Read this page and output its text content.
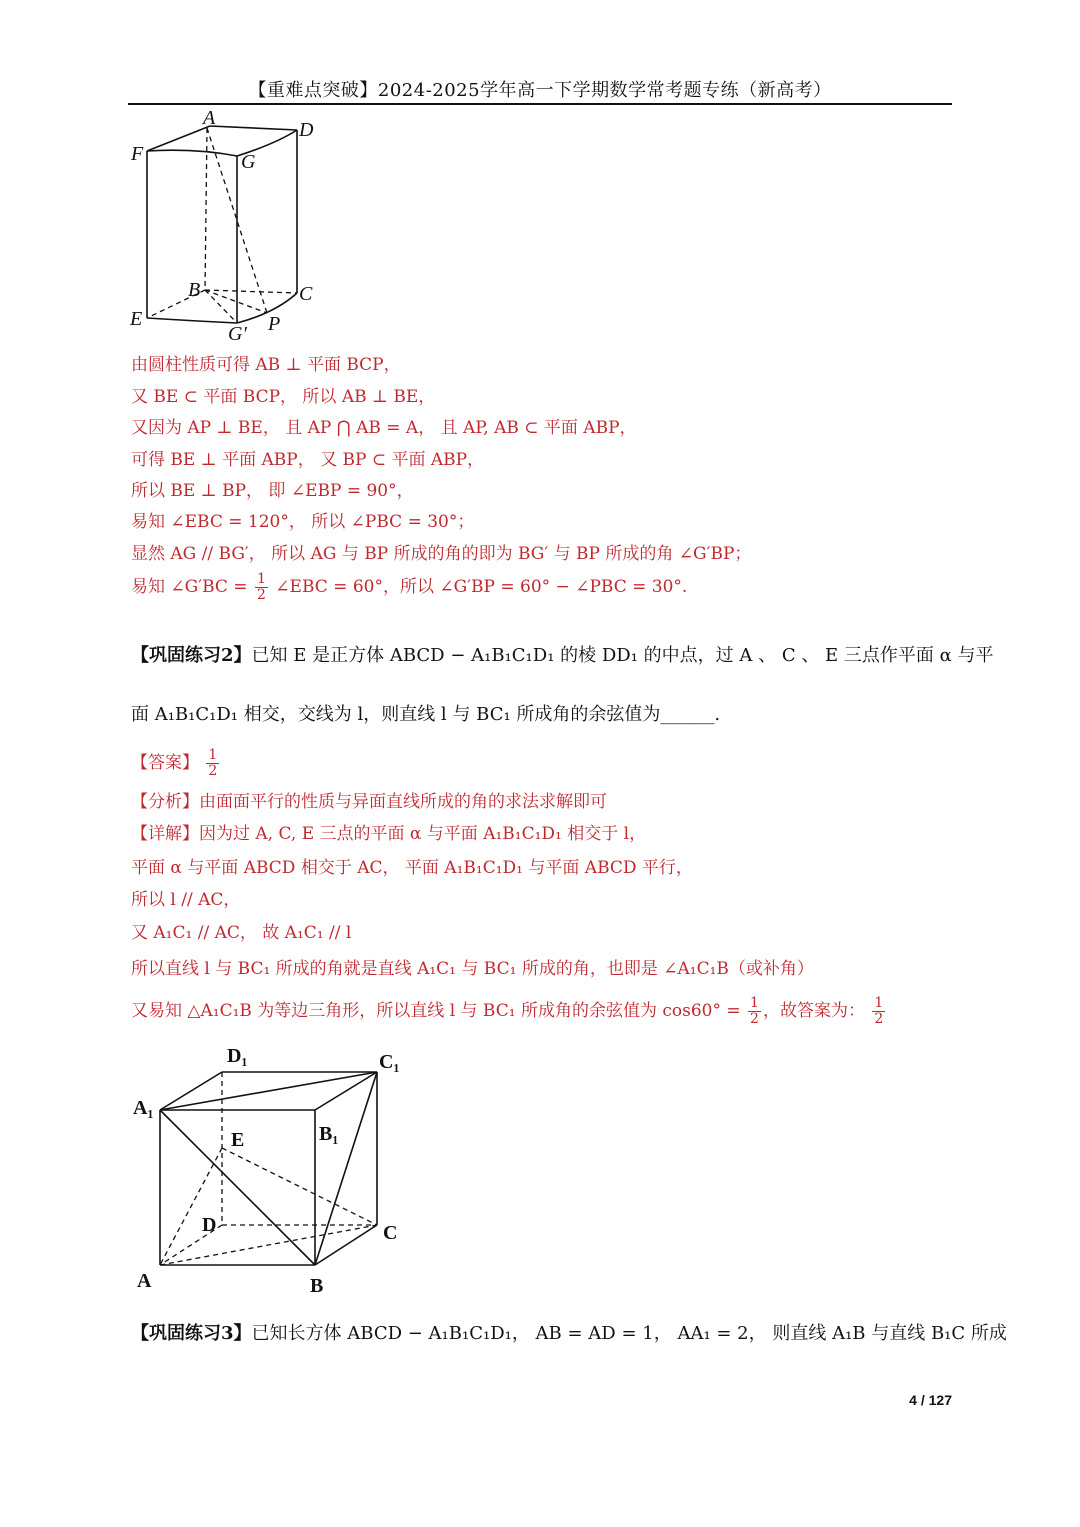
【重难点突破】2024-2025学年高一下学期数学常考题专练（新高考）
A
D
F	G
B	C
E
G′ P
由圆柱性质可得 AB ⊥ 平面 BCP，
又 BE ⊂ 平面 BCP， 所以 AB ⊥ BE，
又因为 AP ⊥ BE， 且 AP ⋂ AB = A， 且 AP, AB ⊂ 平面 ABP，
可得 BE ⊥ 平面 ABP， 又 BP ⊂ 平面 ABP，
所以 BE ⊥ BP， 即 ∠EBP = 90°，
易知 ∠EBC = 120°， 所以 ∠PBC = 30°；
显然 AG // BG′， 所以 AG 与 BP 所成的角的即为 BG′ 与 BP 所成的角 ∠G′BP；
易知 ∠G′BC = $\frac{1}{2}$ ∠EBC = 60°，所以 ∠G′BP = 60° − ∠PBC = 30°.
【巩固练习2】已知 E 是正方体 ABCD − A₁B₁C₁D₁ 的棱 DD₁ 的中点，过 A 、 C 、 E 三点作平面 α 与平
面 A₁B₁C₁D₁ 相交，交线为 l，则直线 l 与 BC₁ 所成角的余弦值为______.
【答案】 $\frac{1}{2}$
【分析】由面面平行的性质与异面直线所成的角的求法求解即可
【详解】因为过 A, C, E 三点的平面 α 与平面 A₁B₁C₁D₁ 相交于 l，
平面 α 与平面 ABCD 相交于 AC， 平面 A₁B₁C₁D₁ 与平面 ABCD 平行，
所以 l // AC，
又 A₁C₁ // AC， 故 A₁C₁ // l
所以直线 l 与 BC₁ 所成的角就是直线 A₁C₁ 与 BC₁ 所成的角，也即是 ∠A₁C₁B（或补角）
又易知 △A₁C₁B 为等边三角形，所以直线 l 与 BC₁ 所成角的余弦值为 $\cos 60^\circ = \frac{1}{2}$ ，故答案为： $\frac{1}{2}$
D₁	C₁
A₁
E	B₁
D	C
A	B
【巩固练习3】已知长方体 ABCD − A₁B₁C₁D₁， AB = AD = 1， AA₁ = 2， 则直线 A₁B 与直线 B₁C 所成
4 / 127
